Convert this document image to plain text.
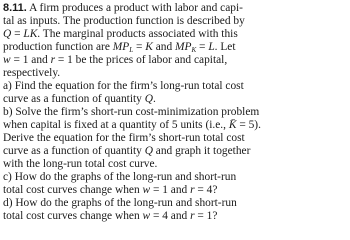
8.11. A firm produces a product with labor and capi-
tal as inputs. The production function is described by
Q = LK. The marginal products associated with this
production function are $MP_L = K$ and $MP_K = L$. Let
w = 1 and r = 1 be the prices of labor and capital,
respectively.
a) Find the equation for the firm’s long-run total cost
curve as a function of quantity Q.
b) Solve the firm’s short-run cost-minimization problem
when capital is fixed at a quantity of 5 units (i.e., K̄ = 5).
Derive the equation for the firm’s short-run total cost
curve as a function of quantity Q and graph it together
with the long-run total cost curve.
c) How do the graphs of the long-run and short-run
total cost curves change when w = 1 and r = 4?
d) How do the graphs of the long-run and short-run
total cost curves change when w = 4 and r = 1?
